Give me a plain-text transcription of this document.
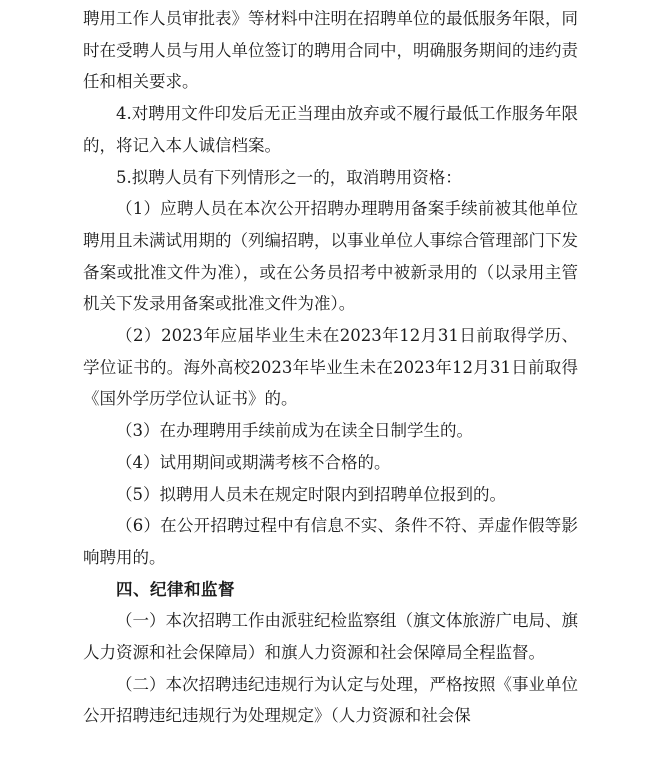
聘用工作人员审批表》等材料中注明在招聘单位的最低服务年限，同时在受聘人员与用人单位签订的聘用合同中，明确服务期间的违约责任和相关要求。

4.对聘用文件印发后无正当理由放弃或不履行最低工作服务年限的，将记入本人诚信档案。

5.拟聘人员有下列情形之一的，取消聘用资格：

（1）应聘人员在本次公开招聘办理聘用备案手续前被其他单位聘用且未满试用期的（列编招聘，以事业单位人事综合管理部门下发备案或批准文件为准），或在公务员招考中被新录用的（以录用主管机关下发录用备案或批准文件为准）。

（2）2023年应届毕业生未在2023年12月31日前取得学历、学位证书的。海外高校2023年毕业生未在2023年12月31日前取得《国外学历学位认证书》的。

（3）在办理聘用手续前成为在读全日制学生的。

（4）试用期间或期满考核不合格的。

（5）拟聘用人员未在规定时限内到招聘单位报到的。

（6）在公开招聘过程中有信息不实、条件不符、弄虚作假等影响聘用的。

四、纪律和监督

（一）本次招聘工作由派驻纪检监察组（旗文体旅游广电局、旗人力资源和社会保障局）和旗人力资源和社会保障局全程监督。

（二）本次招聘违纪违规行为认定与处理，严格按照《事业单位公开招聘违纪违规行为处理规定》（人力资源和社会保
